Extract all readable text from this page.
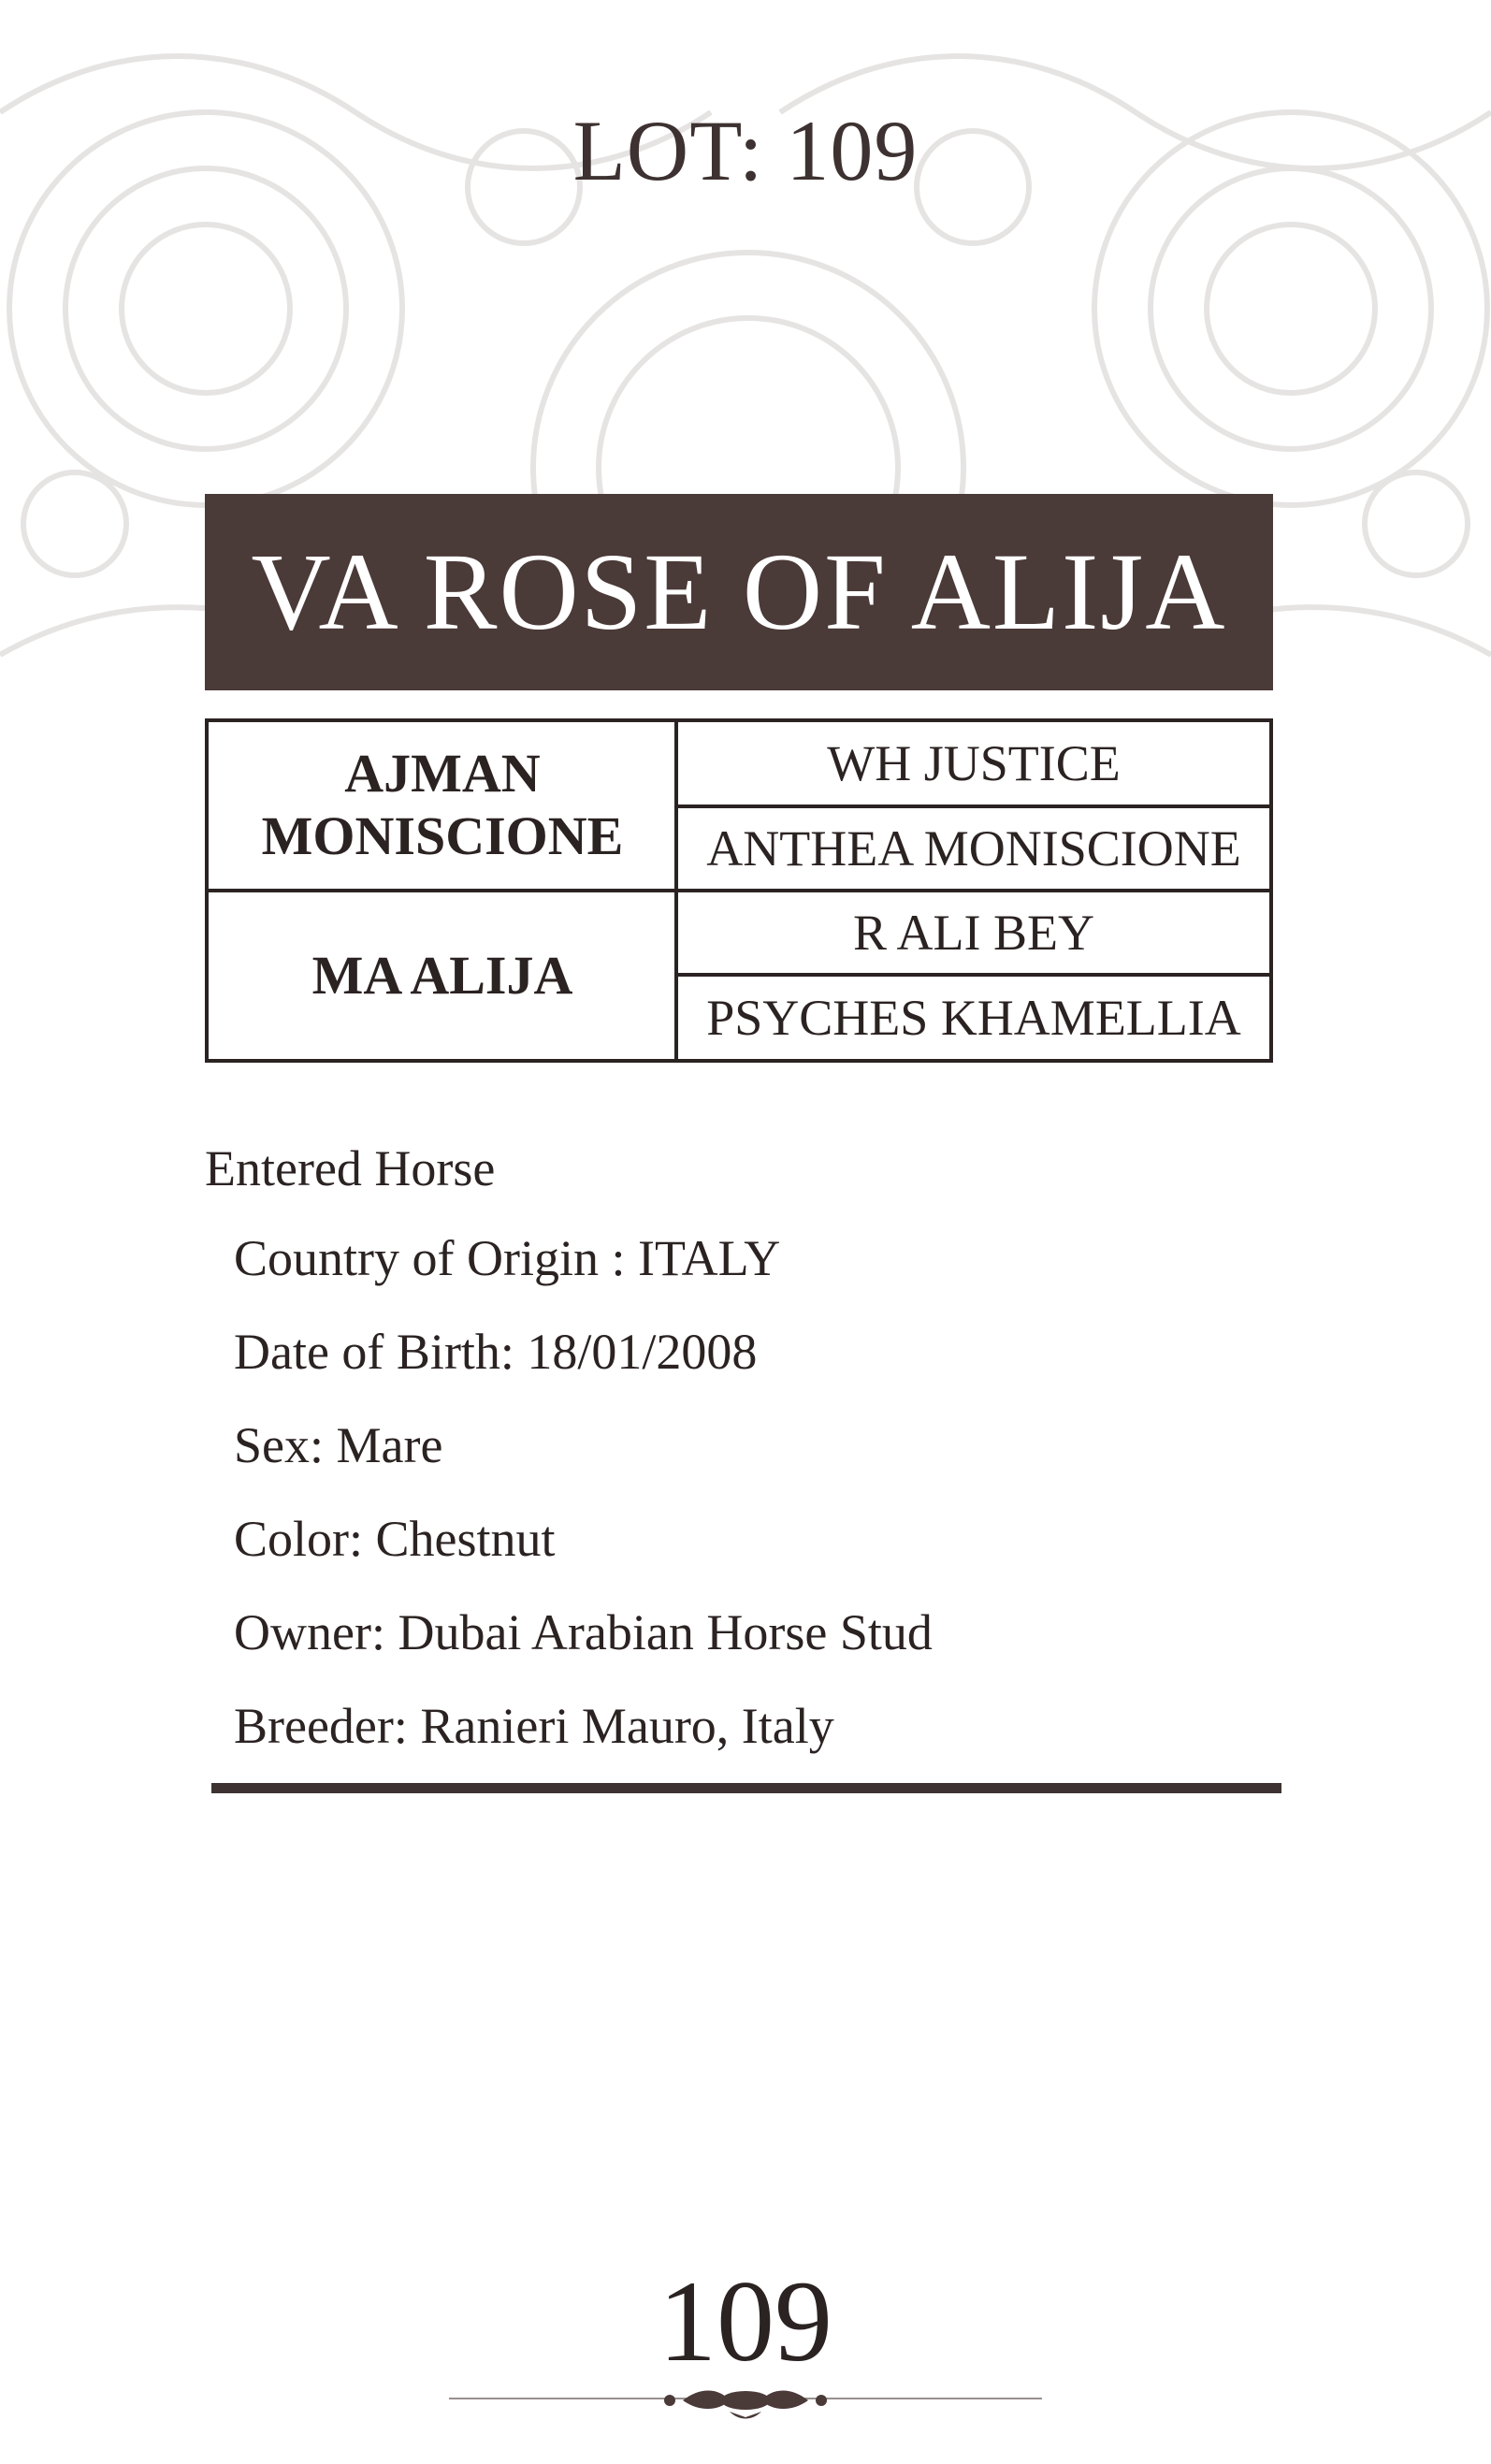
LOT: 109
VA ROSE OF ALIJA
AJMAN MONISCIONE
MA ALIJA
WH JUSTICE
ANTHEA MONISCIONE
R ALI BEY
PSYCHES KHAMELLIA
Entered Horse
Country of Origin : ITALY
Date of Birth: 18/01/2008
Sex: Mare
Color: Chestnut
Owner: Dubai Arabian Horse Stud
Breeder: Ranieri Mauro, Italy
109
